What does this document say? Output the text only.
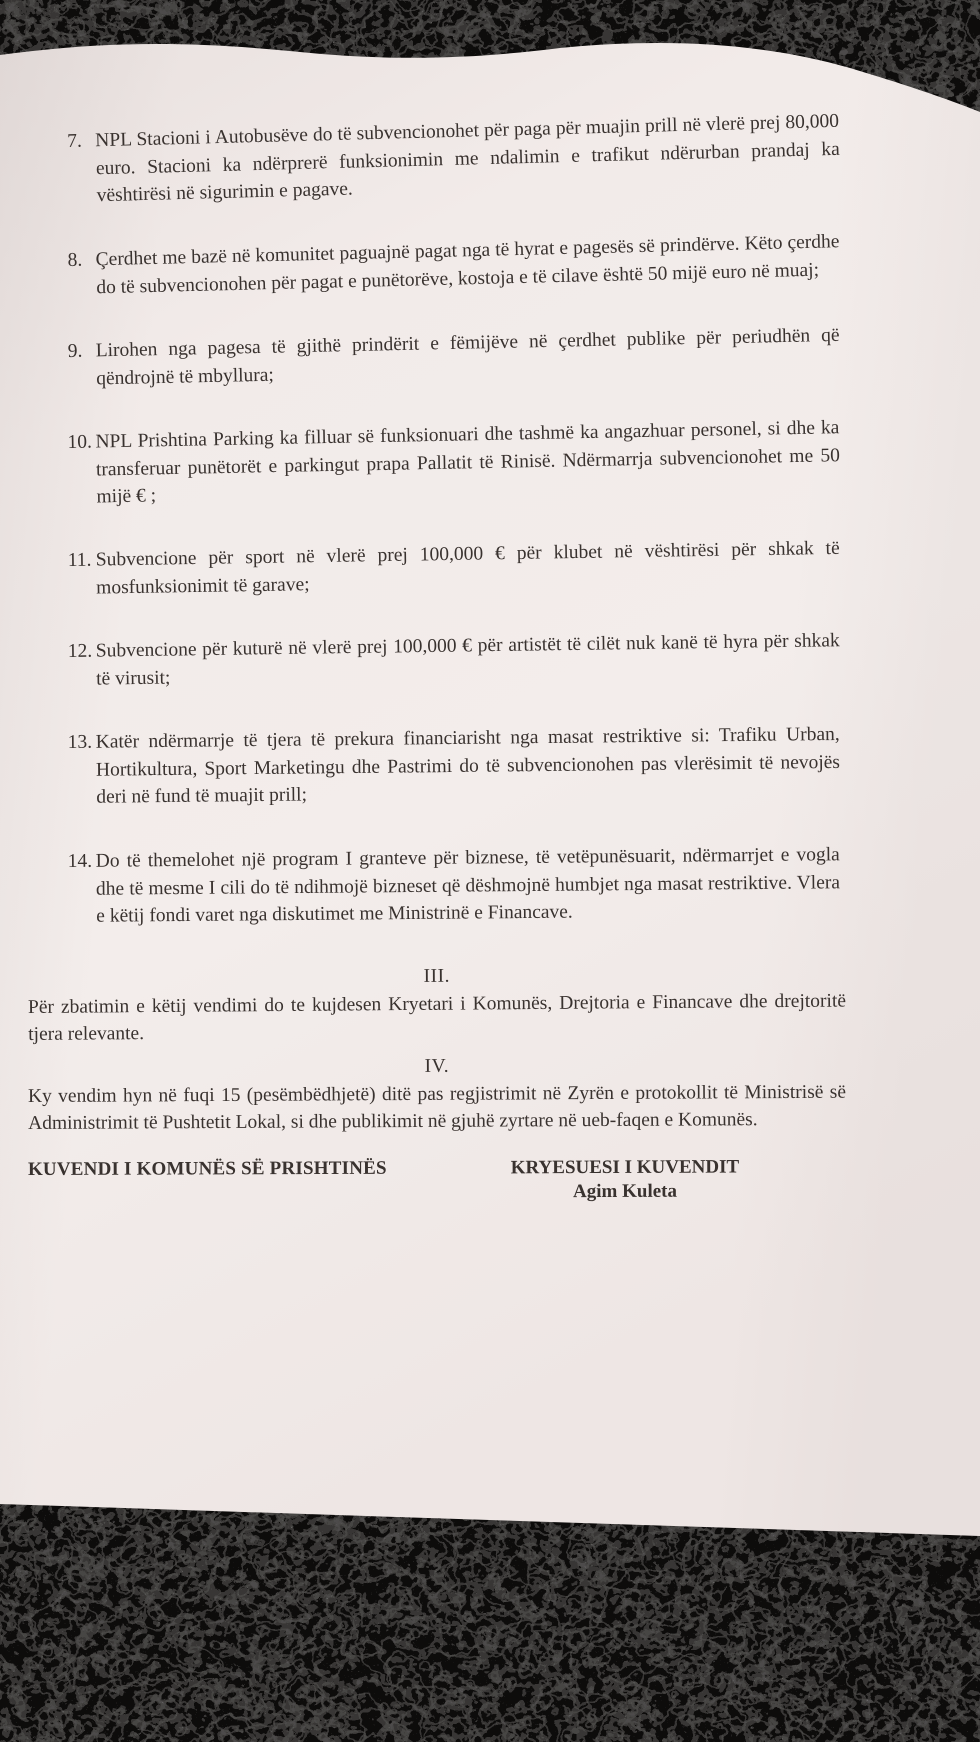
7. NPL Stacioni i Autobusëve do të subvencionohet për paga për muajin prill në vlerë prej 80,000 euro. Stacioni ka ndërprerë funksionimin me ndalimin e trafikut ndërurban prandaj ka vështirësi në sigurimin e pagave.
8. Çerdhet me bazë në komunitet paguajnë pagat nga të hyrat e pagesës së prindërve. Këto çerdhe do të subvencionohen për pagat e punëtorëve, kostoja e të cilave është 50 mijë euro në muaj;
9. Lirohen nga pagesa të gjithë prindërit e fëmijëve në çerdhet publike për periudhën që qëndrojnë të mbyllura;
10. NPL Prishtina Parking ka filluar së funksionuari dhe tashmë ka angazhuar personel, si dhe ka transferuar punëtorët e parkingut prapa Pallatit të Rinisë. Ndërmarrja subvencionohet me 50 mijë € ;
11. Subvencione për sport në vlerë prej 100,000 € për klubet në vështirësi për shkak të mosfunksionimit të garave;
12. Subvencione për kuturë në vlerë prej 100,000 € për artistët të cilët nuk kanë të hyra për shkak të virusit;
13. Katër ndërmarrje të tjera të prekura financiarisht nga masat restriktive si: Trafiku Urban, Hortikultura, Sport Marketingu dhe Pastrimi do të subvencionohen pas vlerësimit të nevojës deri në fund të muajit prill;
14. Do të themelohet një program I granteve për biznese, të vetëpunësuarit, ndërmarrjet e vogla dhe të mesme I cili do të ndihmojë bizneset që dëshmojnë humbjet nga masat restriktive. Vlera e këtij fondi varet nga diskutimet me Ministrinë e Financave.
III.

Për zbatimin e këtij vendimi do te kujdesen Kryetari i Komunës, Drejtoria e Financave dhe drejtoritë tjera relevante.

IV.

Ky vendim hyn në fuqi 15 (pesëmbëdhjetë) ditë pas regjistrimit në Zyrën e protokollit të Ministrisë së Administrimit të Pushtetit Lokal, si dhe publikimit në gjuhë zyrtare në ueb-faqen e Komunës.

KUVENDI I KOMUNËS SË PRISHTINËS	KRYESUESI I KUVENDIT
Agim Kuleta
